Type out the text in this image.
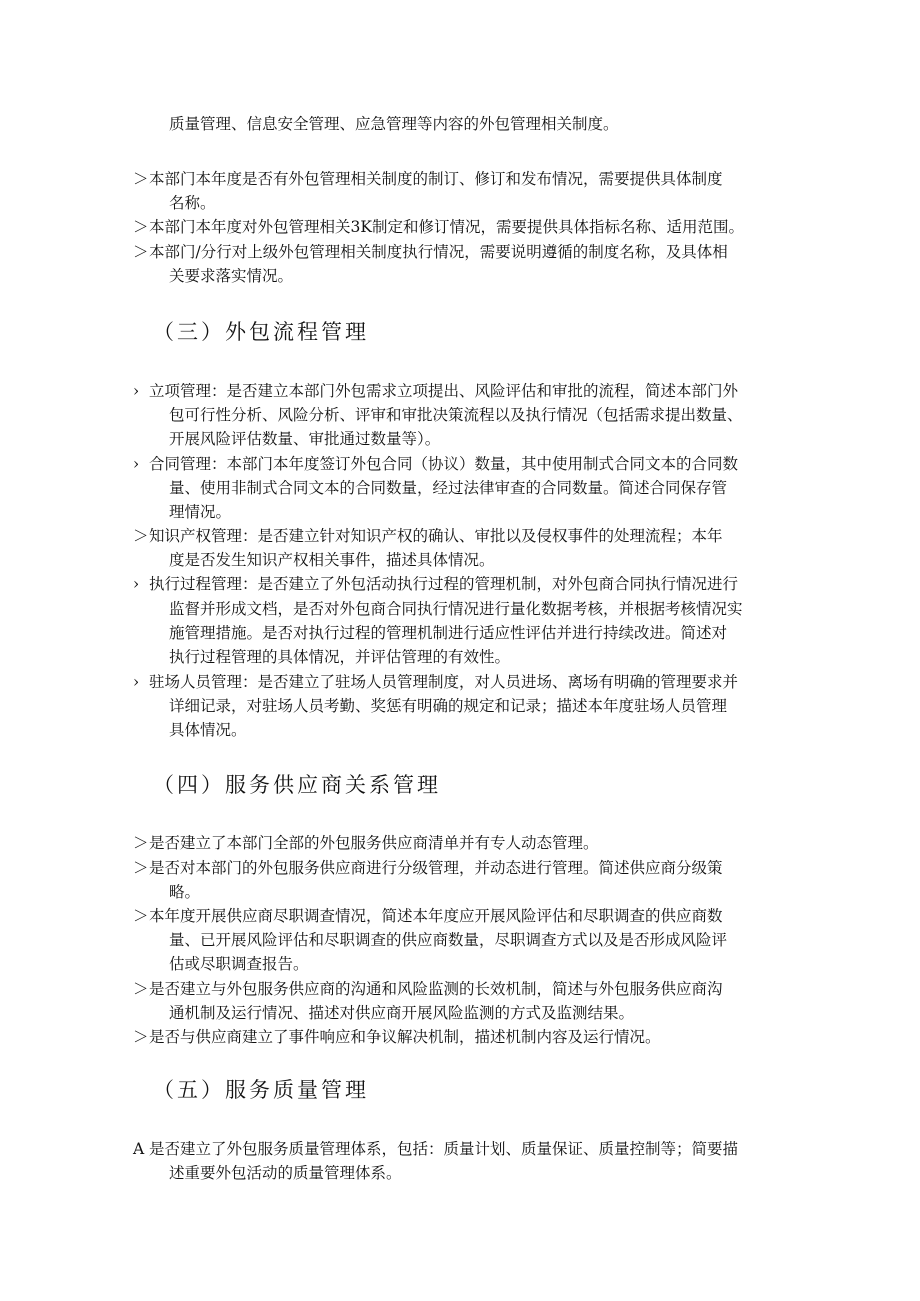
质量管理、信息安全管理、应急管理等内容的外包管理相关制度。
＞本部门本年度是否有外包管理相关制度的制订、修订和发布情况，需要提供具体制度
名称。
＞本部门本年度对外包管理相关3K制定和修订情况，需要提供具体指标名称、适用范围。
＞本部门/分行对上级外包管理相关制度执行情况，需要说明遵循的制度名称，及具体相
关要求落实情况。
（三）外包流程管理
› 立项管理：是否建立本部门外包需求立项提出、风险评估和审批的流程，简述本部门外
包可行性分析、风险分析、评审和审批决策流程以及执行情况（包括需求提出数量、
开展风险评估数量、审批通过数量等）。
› 合同管理：本部门本年度签订外包合同（协议）数量，其中使用制式合同文本的合同数
量、使用非制式合同文本的合同数量，经过法律审查的合同数量。简述合同保存管
理情况。
＞知识产权管理：是否建立针对知识产权的确认、审批以及侵权事件的处理流程；本年
度是否发生知识产权相关事件，描述具体情况。
› 执行过程管理：是否建立了外包活动执行过程的管理机制，对外包商合同执行情况进行
监督并形成文档，是否对外包商合同执行情况进行量化数据考核，并根据考核情况实
施管理措施。是否对执行过程的管理机制进行适应性评估并进行持续改进。简述对
执行过程管理的具体情况，并评估管理的有效性。
› 驻场人员管理：是否建立了驻场人员管理制度，对人员进场、离场有明确的管理要求并
详细记录，对驻场人员考勤、奖惩有明确的规定和记录；描述本年度驻场人员管理
具体情况。
（四）服务供应商关系管理
＞是否建立了本部门全部的外包服务供应商清单并有专人动态管理。
＞是否对本部门的外包服务供应商进行分级管理，并动态进行管理。简述供应商分级策
略。
＞本年度开展供应商尽职调查情况，简述本年度应开展风险评估和尽职调查的供应商数
量、已开展风险评估和尽职调查的供应商数量，尽职调查方式以及是否形成风险评
估或尽职调查报告。
＞是否建立与外包服务供应商的沟通和风险监测的长效机制，简述与外包服务供应商沟
通机制及运行情况、描述对供应商开展风险监测的方式及监测结果。
＞是否与供应商建立了事件响应和争议解决机制，描述机制内容及运行情况。
（五）服务质量管理
A 是否建立了外包服务质量管理体系，包括：质量计划、质量保证、质量控制等；简要描
述重要外包活动的质量管理体系。
